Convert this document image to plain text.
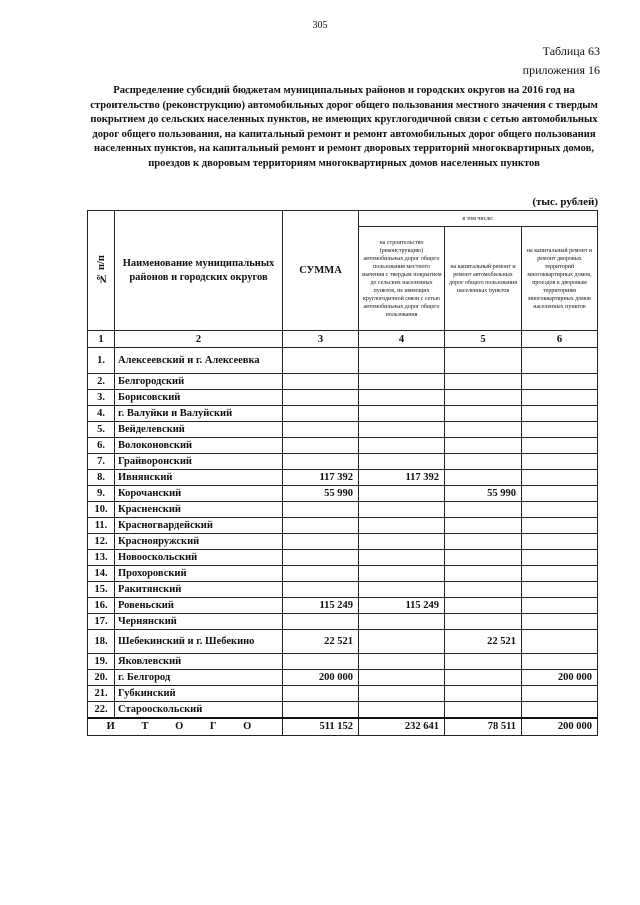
305
Таблица 63
приложения 16
Распределение субсидий бюджетам муниципальных районов и городских округов на 2016 год на строительство (реконструкцию) автомобильных дорог общего пользования местного значения с твердым покрытием до сельских населенных пунктов, не имеющих круглогодичной связи с сетью автомобильных дорог общего пользования, на капитальный ремонт и ремонт автомобильных дорог общего пользования населенных пунктов, на капитальный ремонт и ремонт дворовых территорий многоквартирных домов, проездов к дворовым территориям многоквартирных домов населенных пунктов
(тыс. рублей)
№ п/п	Наименование муниципальных районов и городских округов	СУММА	в том числе:		
			на строительство (реконструкцию) автомобильных дорог общего пользования местного значения с твердым покрытием до сельских населенных пунктов, не имеющих круглогодичной связи с сетью автомобильных дорог общего пользования	на капитальный ремонт и ремонт автомобильных дорог общего пользования населенных пунктов	на капитальный ремонт и ремонт дворовых территорий многоквартирных домов, проездов к дворовым территориям многоквартирных домов населенных пунктов
1	2	3	4	5	6
1.	Алексеевский и г. Алексеевка				
2.	Белгородский				
3.	Борисовский				
4.	г. Валуйки и Валуйский				
5.	Вейделевский				
6.	Волоконовский				
7.	Грайворонский				
8.	Ивнянский	117 392	117 392		
9.	Корочанский	55 990		55 990	
10.	Красненский				
11.	Красногвардейский				
12.	Краснояружский				
13.	Новооскольский				
14.	Прохоровский				
15.	Ракитянский				
16.	Ровеньский	115 249	115 249		
17.	Чернянский				
18.	Шебекинский и г. Шебекино	22 521		22 521	
19.	Яковлевский				
20.	г. Белгород	200 000			200 000
21.	Губкинский				
22.	Старооскольский				
И Т О Г О		511 152	232 641	78 511	200 000
